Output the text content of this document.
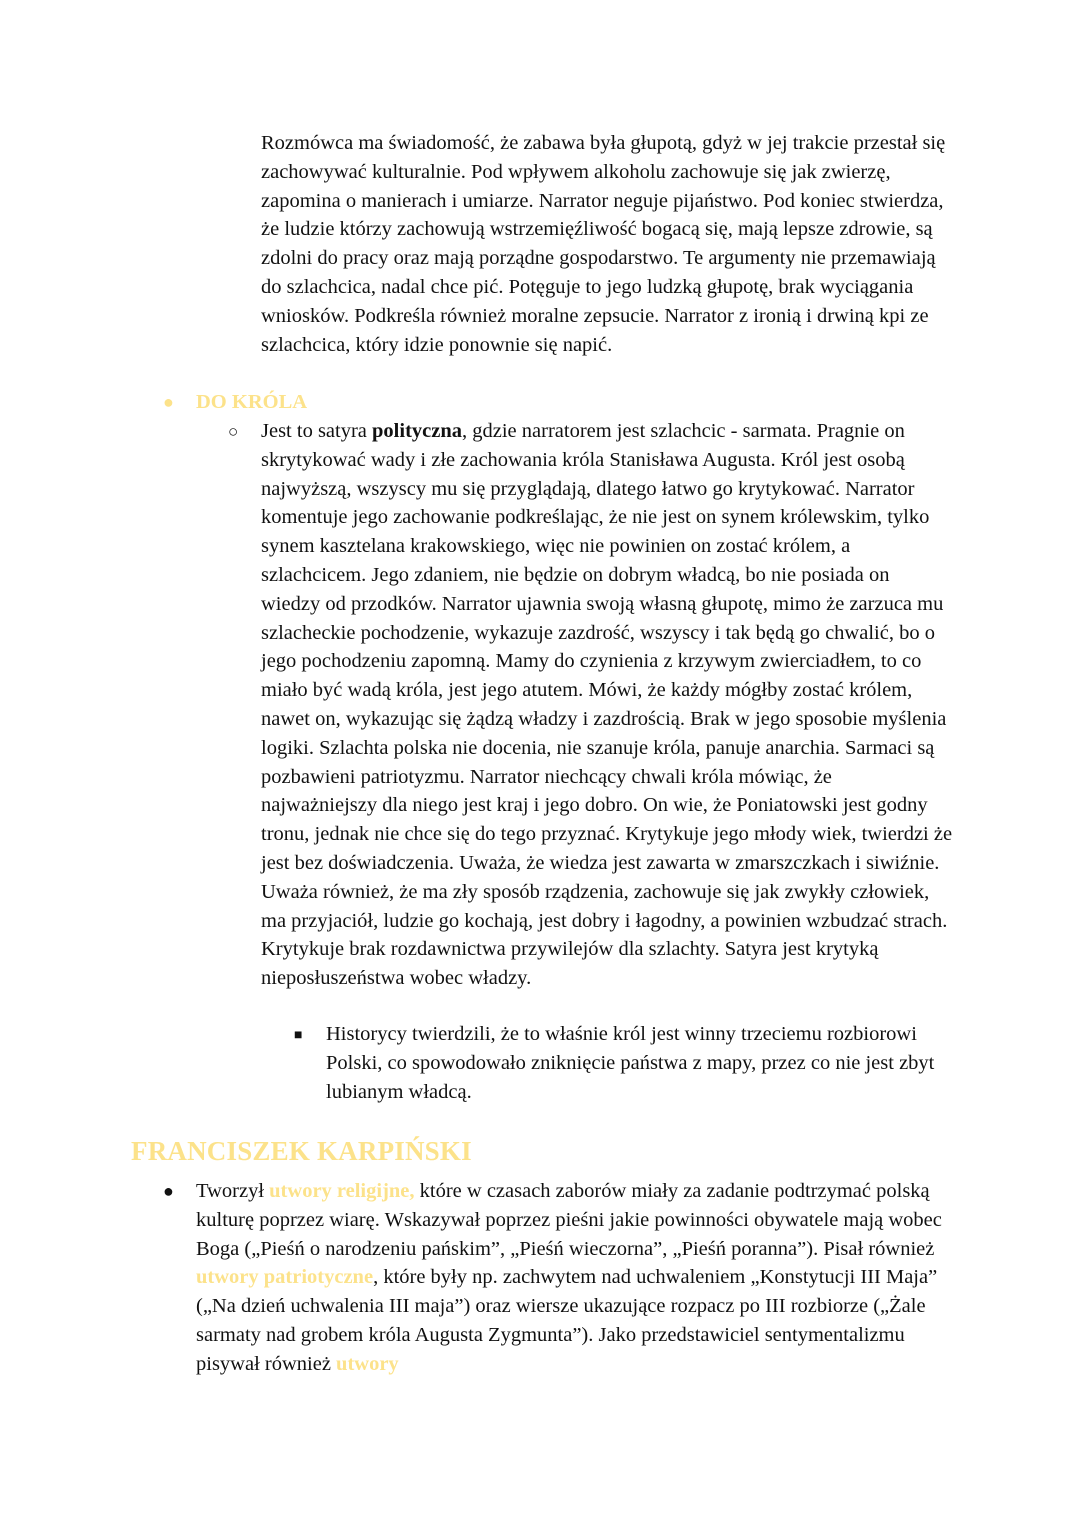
Rozmówca ma świadomość, że zabawa była głupotą, gdyż w jej trakcie przestał się zachowywać kulturalnie. Pod wpływem alkoholu zachowuje się jak zwierzę, zapomina o manierach i umiarze. Narrator neguje pijaństwo. Pod koniec stwierdza, że ludzie którzy zachowują wstrzemięźliwość bogacą się, mają lepsze zdrowie, są zdolni do pracy oraz mają porządne gospodarstwo. Te argumenty nie przemawiają do szlachcica, nadal chce pić. Potęguje to jego ludzką głupotę, brak wyciągania wniosków. Podkreśla również moralne zepsucie. Narrator z ironią i drwiną kpi ze szlachcica, który idzie ponownie się napić.

● DO KRÓLA
○ Jest to satyra polityczna, gdzie narratorem jest szlachcic - sarmata. Pragnie on skrytykować wady i złe zachowania króla Stanisława Augusta. Król jest osobą najwyższą, wszyscy mu się przyglądają, dlatego łatwo go krytykować. Narrator komentuje jego zachowanie podkreślając, że nie jest on synem królewskim, tylko synem kasztelana krakowskiego, więc nie powinien on zostać królem, a szlachcicem. Jego zdaniem, nie będzie on dobrym władcą, bo nie posiada on wiedzy od przodków. Narrator ujawnia swoją własną głupotę, mimo że zarzuca mu szlacheckie pochodzenie, wykazuje zazdrość, wszyscy i tak będą go chwalić, bo o jego pochodzeniu zapomną. Mamy do czynienia z krzywym zwierciadłem, to co miało być wadą króla, jest jego atutem. Mówi, że każdy mógłby zostać królem, nawet on, wykazując się żądzą władzy i zazdrością. Brak w jego sposobie myślenia logiki. Szlachta polska nie docenia, nie szanuje króla, panuje anarchia. Sarmaci są pozbawieni patriotyzmu. Narrator niechcący chwali króla mówiąc, że najważniejszy dla niego jest kraj i jego dobro. On wie, że Poniatowski jest godny tronu, jednak nie chce się do tego przyznać. Krytykuje jego młody wiek, twierdzi że jest bez doświadczenia. Uważa, że wiedza jest zawarta w zmarszczkach i siwiźnie. Uważa również, że ma zły sposób rządzenia, zachowuje się jak zwykły człowiek, ma przyjaciół, ludzie go kochają, jest dobry i łagodny, a powinien wzbudzać strach. Krytykuje brak rozdawnictwa przywilejów dla szlachty. Satyra jest krytyką nieposłuszeństwa wobec władzy.

■ Historycy twierdzili, że to właśnie król jest winny trzeciemu rozbiorowi Polski, co spowodowało zniknięcie państwa z mapy, przez co nie jest zbyt lubianym władcą.

FRANCISZEK KARPIŃSKI
● Tworzył utwory religijne, które w czasach zaborów miały za zadanie podtrzymać polską kulturę poprzez wiarę. Wskazywał poprzez pieśni jakie powinności obywatele mają wobec Boga („Pieśń o narodzeniu pańskim”, „Pieśń wieczorna”, „Pieśń poranna”). Pisał również utwory patriotyczne, które były np. zachwytem nad uchwaleniem „Konstytucji III Maja” („Na dzień uchwalenia III maja”) oraz wiersze ukazujące rozpacz po III rozbiorze („Żale sarmaty nad grobem króla Augusta Zygmunta”). Jako przedstawiciel sentymentalizmu pisywał również utwory
